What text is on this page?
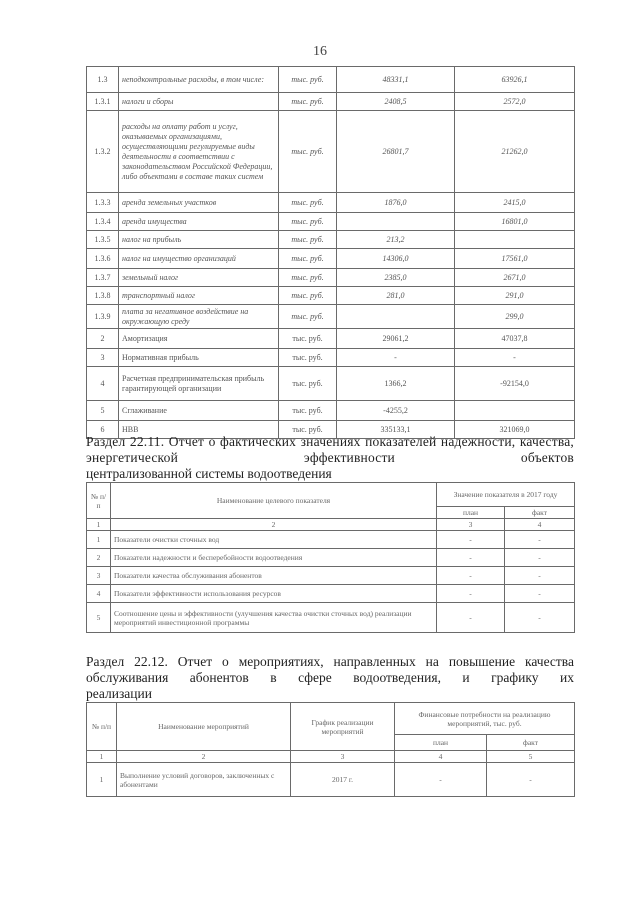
16
1.3	неподконтрольные расходы, в том числе:	тыс. руб.	48331,1	63926,1
1.3.1	налоги и сборы	тыс. руб.	2408,5	2572,0
1.3.2	расходы на оплату работ и услуг, оказываемых организациями, осуществляющими регулируемые виды деятельности в соответствии с законодательством Российской Федерации, либо объектами в составе таких систем	тыс. руб.	26801,7	21262,0
1.3.3	аренда земельных участков	тыс. руб.	1876,0	2415,0
1.3.4	аренда имущества	тыс. руб.		16801,0
1.3.5	налог на прибыль	тыс. руб.	213,2	
1.3.6	налог на имущество организаций	тыс. руб.	14306,0	17561,0
1.3.7	земельный налог	тыс. руб.	2385,0	2671,0
1.3.8	транспортный налог	тыс. руб.	281,0	291,0
1.3.9	плата за негативное воздействие на окружающую среду	тыс. руб.		299,0
2	Амортизация	тыс. руб.	29061,2	47037,8
3	Нормативная прибыль	тыс. руб.	-	-
4	Расчетная предпринимательская прибыль гарантирующей организации	тыс. руб.	1366,2	-92154,0
5	Сглаживание	тыс. руб.	-4255,2	
6	НВВ	тыс. руб.	335133,1	321069,0
Раздел 22.11. Отчет о фактических значениях показателей надежности, качества, энергетической эффективности объектов
централизованной системы водоотведения
№ п/п	Наименование целевого показателя	Значение показателя в 2017 году	
		план	факт
1	2	3	4
1	Показатели очистки сточных вод	-	-
2	Показатели надежности и бесперебойности водоотведения	-	-
3	Показатели качества обслуживания абонентов	-	-
4	Показатели эффективности использования ресурсов	-	-
5	Соотношение цены и эффективности (улучшения качества очистки сточных вод) реализации мероприятий инвестиционной программы	-	-
Раздел 22.12. Отчет о мероприятиях, направленных на повышение качества обслуживания абонентов в сфере водоотведения, и графику их
реализации
№ п/п	Наименование мероприятий	График реализации мероприятий	Финансовые потребности на реализацию мероприятий, тыс. руб.	
			план	факт
1	2	3	4	5
1	Выполнение условий договоров, заключенных с абонентами	2017 г.	-	-
